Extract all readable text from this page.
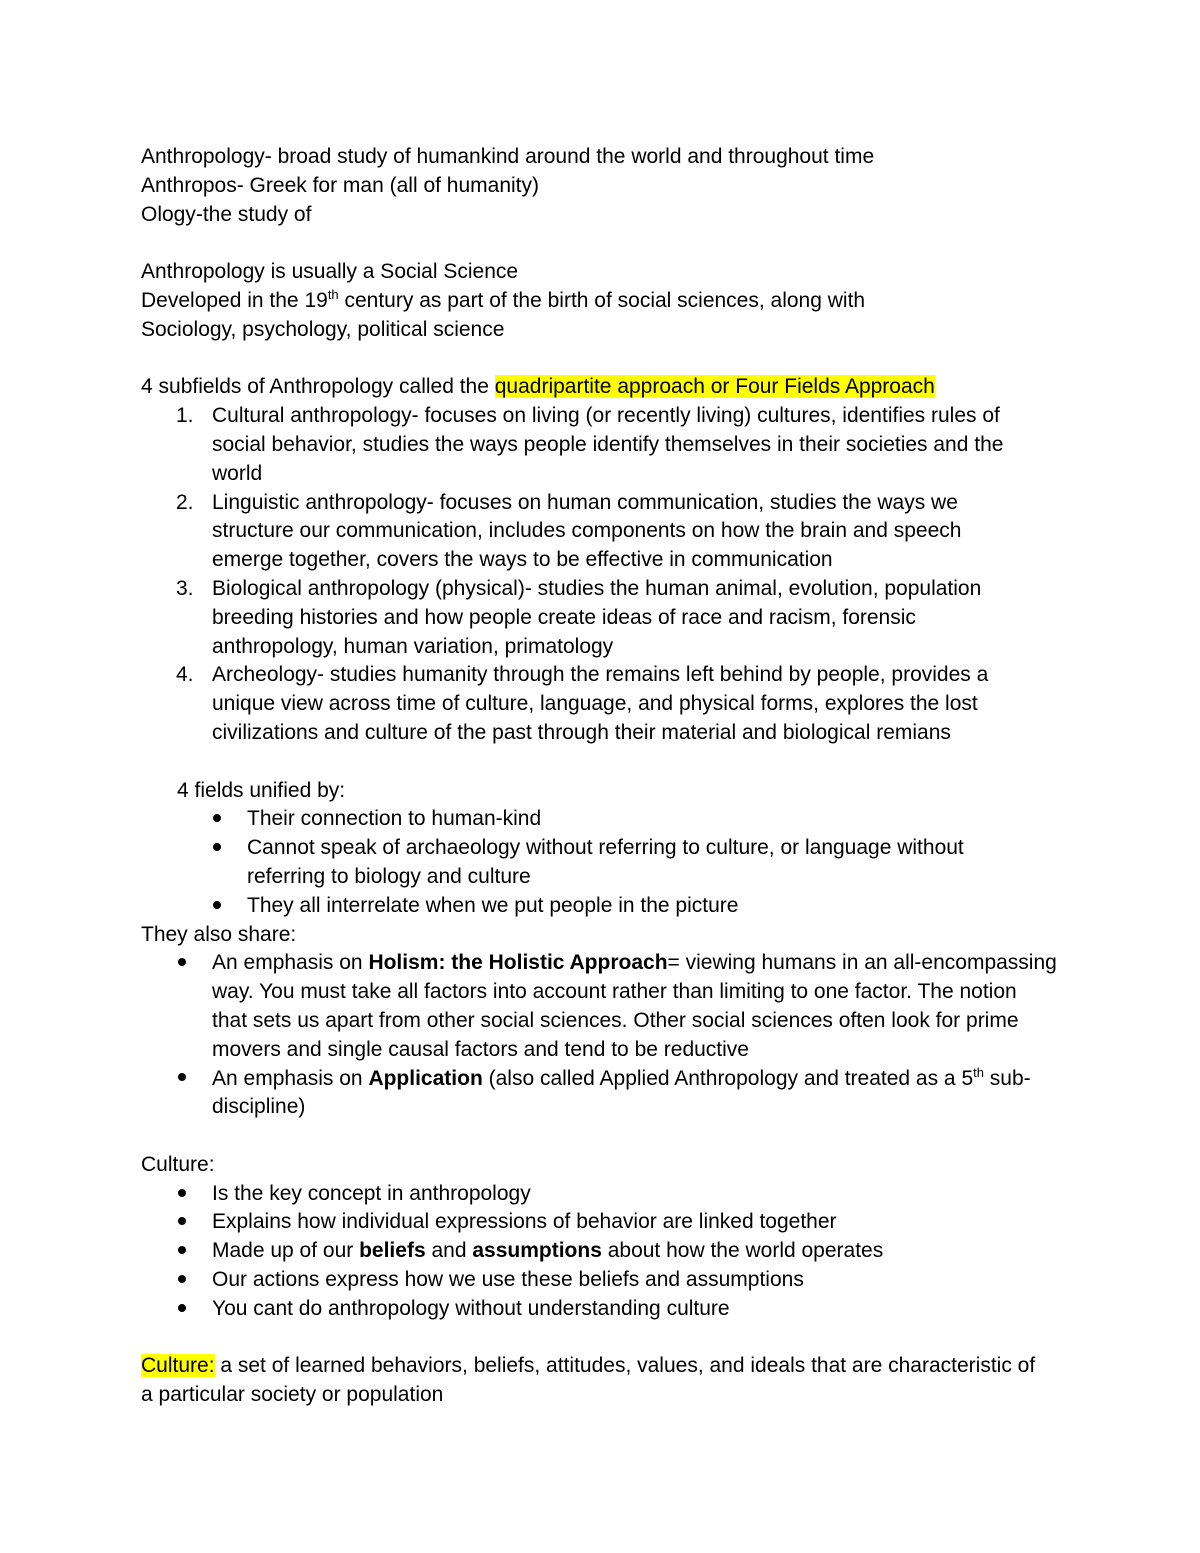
Anthropology- broad study of humankind around the world and throughout time
Anthropos- Greek for man (all of humanity)
Ology-the study of
Anthropology is usually a Social Science
Developed in the 19th century as part of the birth of social sciences, along with
Sociology, psychology, political science
4 subfields of Anthropology called the quadripartite approach or Four Fields Approach
1. Cultural anthropology- focuses on living (or recently living) cultures, identifies rules of
social behavior, studies the ways people identify themselves in their societies and the
world
2. Linguistic anthropology- focuses on human communication, studies the ways we
structure our communication, includes components on how the brain and speech
emerge together, covers the ways to be effective in communication
3. Biological anthropology (physical)- studies the human animal, evolution, population
breeding histories and how people create ideas of race and racism, forensic
anthropology, human variation, primatology
4. Archeology- studies humanity through the remains left behind by people, provides a
unique view across time of culture, language, and physical forms, explores the lost
civilizations and culture of the past through their material and biological remians
4 fields unified by:
Their connection to human-kind
Cannot speak of archaeology without referring to culture, or language without
referring to biology and culture
They all interrelate when we put people in the picture
They also share:
An emphasis on Holism: the Holistic Approach= viewing humans in an all-encompassing
way. You must take all factors into account rather than limiting to one factor. The notion
that sets us apart from other social sciences. Other social sciences often look for prime
movers and single causal factors and tend to be reductive
An emphasis on Application (also called Applied Anthropology and treated as a 5th sub-
discipline)
Culture:
Is the key concept in anthropology
Explains how individual expressions of behavior are linked together
Made up of our beliefs and assumptions about how the world operates
Our actions express how we use these beliefs and assumptions
You cant do anthropology without understanding culture
Culture: a set of learned behaviors, beliefs, attitudes, values, and ideals that are characteristic of
a particular society or population
